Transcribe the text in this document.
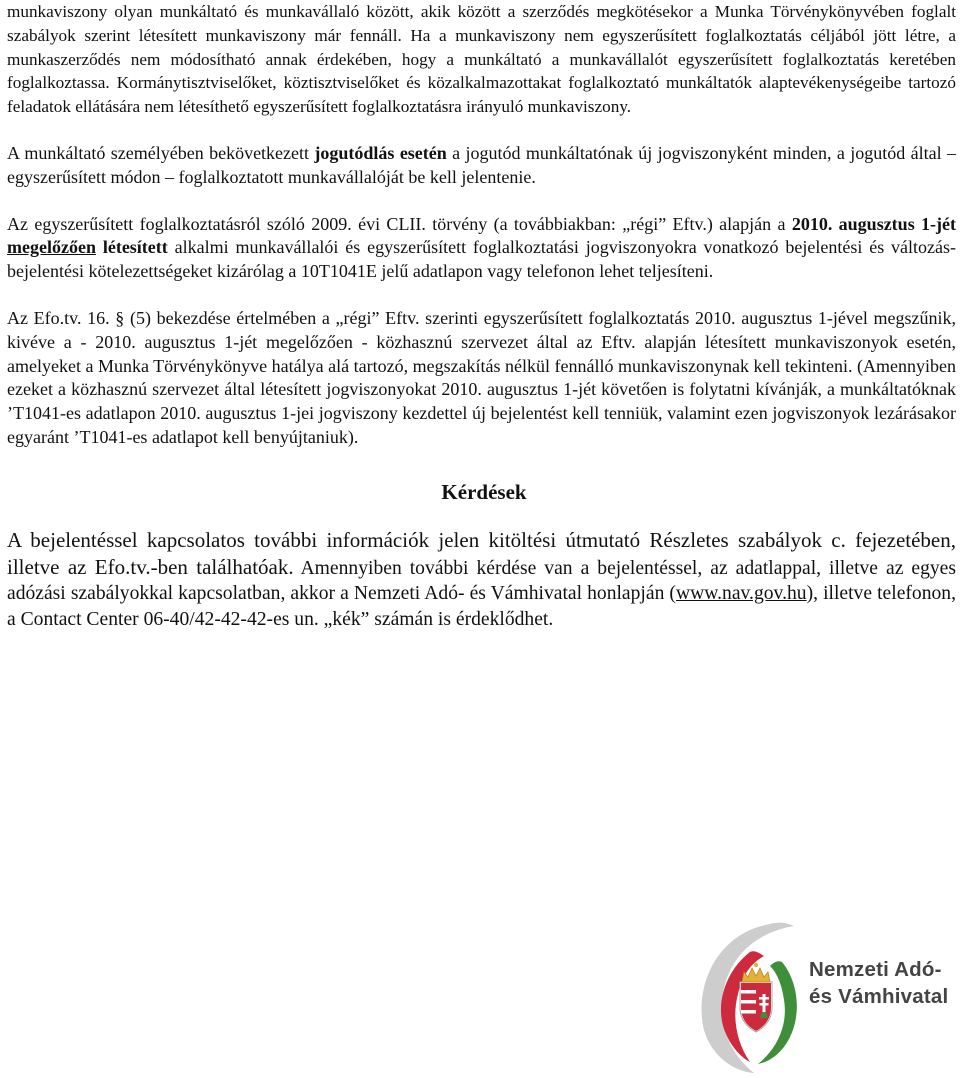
munkaviszony olyan munkáltató és munkavállaló között, akik között a szerződés megkötésekor a Munka Törvénykönyvében foglalt szabályok szerint létesített munkaviszony már fennáll. Ha a munkaviszony nem egyszerűsített foglalkoztatás céljából jött létre, a munkaszerződés nem módosítható annak érdekében, hogy a munkáltató a munkavállalót egyszerűsített foglalkoztatás keretében foglalkoztassa. Kormánytisztviselőket, köztisztviselőket és közalkalmazottakat foglalkoztató munkáltatók alaptevékenységeibe tartozó feladatok ellátására nem létesíthető egyszerűsített foglalkoztatásra irányuló munkaviszony.

A munkáltató személyében bekövetkezett jogutódlás esetén a jogutód munkáltatónak új jogviszonyként minden, a jogutód által – egyszerűsített módon – foglalkoztatott munkavállalóját be kell jelentenie.

Az egyszerűsített foglalkoztatásról szóló 2009. évi CLII. törvény (a továbbiakban: „régi” Eftv.) alapján a 2010. augusztus 1-jét megelőzően létesített alkalmi munkavállalói és egyszerűsített foglalkoztatási jogviszonyokra vonatkozó bejelentési és változás-bejelentési kötelezettségeket kizárólag a 10T1041E jelű adatlapon vagy telefonon lehet teljesíteni.

Az Efo.tv. 16. § (5) bekezdése értelmében a „régi” Eftv. szerinti egyszerűsített foglalkoztatás 2010. augusztus 1-jével megszűnik, kivéve a - 2010. augusztus 1-jét megelőzően - közhasznú szervezet által az Eftv. alapján létesített munkaviszonyok esetén, amelyeket a Munka Törvénykönyve hatálya alá tartozó, megszakítás nélkül fennálló munkaviszonynak kell tekinteni. (Amennyiben ezeket a közhasznú szervezet által létesített jogviszonyokat 2010. augusztus 1-jét követően is folytatni kívánják, a munkáltatóknak ’T1041-es adatlapon 2010. augusztus 1-jei jogviszony kezdettel új bejelentést kell tenniük, valamint ezen jogviszonyok lezárásakor egyaránt ’T1041-es adatlapot kell benyújtaniuk).

Kérdések

A bejelentéssel kapcsolatos további információk jelen kitöltési útmutató Részletes szabályok c. fejezetében, illetve az Efo.tv.-ben találhatóak. Amennyiben további kérdése van a bejelentéssel, az adatlappal, illetve az egyes adózási szabályokkal kapcsolatban, akkor a Nemzeti Adó- és Vámhivatal honlapján (www.nav.gov.hu), illetve telefonon, a Contact Center 06-40/42-42-42-es un. „kék” számán is érdeklődhet.

Nemzeti Adó-
és Vámhivatal
